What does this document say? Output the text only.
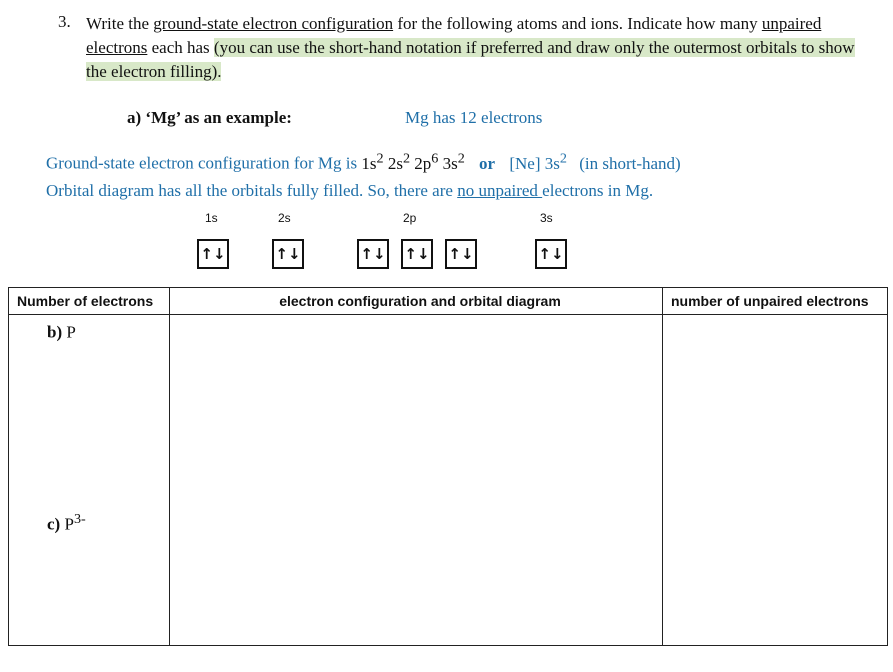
3. Write the ground-state electron configuration for the following atoms and ions. Indicate how many unpaired electrons each has (you can use the short-hand notation if preferred and draw only the outermost orbitals to show the electron filling).
a) ‘Mg’ as an example:	Mg has 12 electrons
Ground-state electron configuration for Mg is $1s^2$ $2s^2$ $2p^6$ $3s^2$ or [Ne] $3s^2$ (in short-hand)
Orbital diagram has all the orbitals fully filled. So, there are no unpaired electrons in Mg.
1s	2s	2p	3s
↑↓	↑↓	↑↓ ↑↓ ↑↓	↑↓
Number of electrons	electron configuration and orbital diagram	number of unpaired electrons

b) P
c) $P^{3-}$
